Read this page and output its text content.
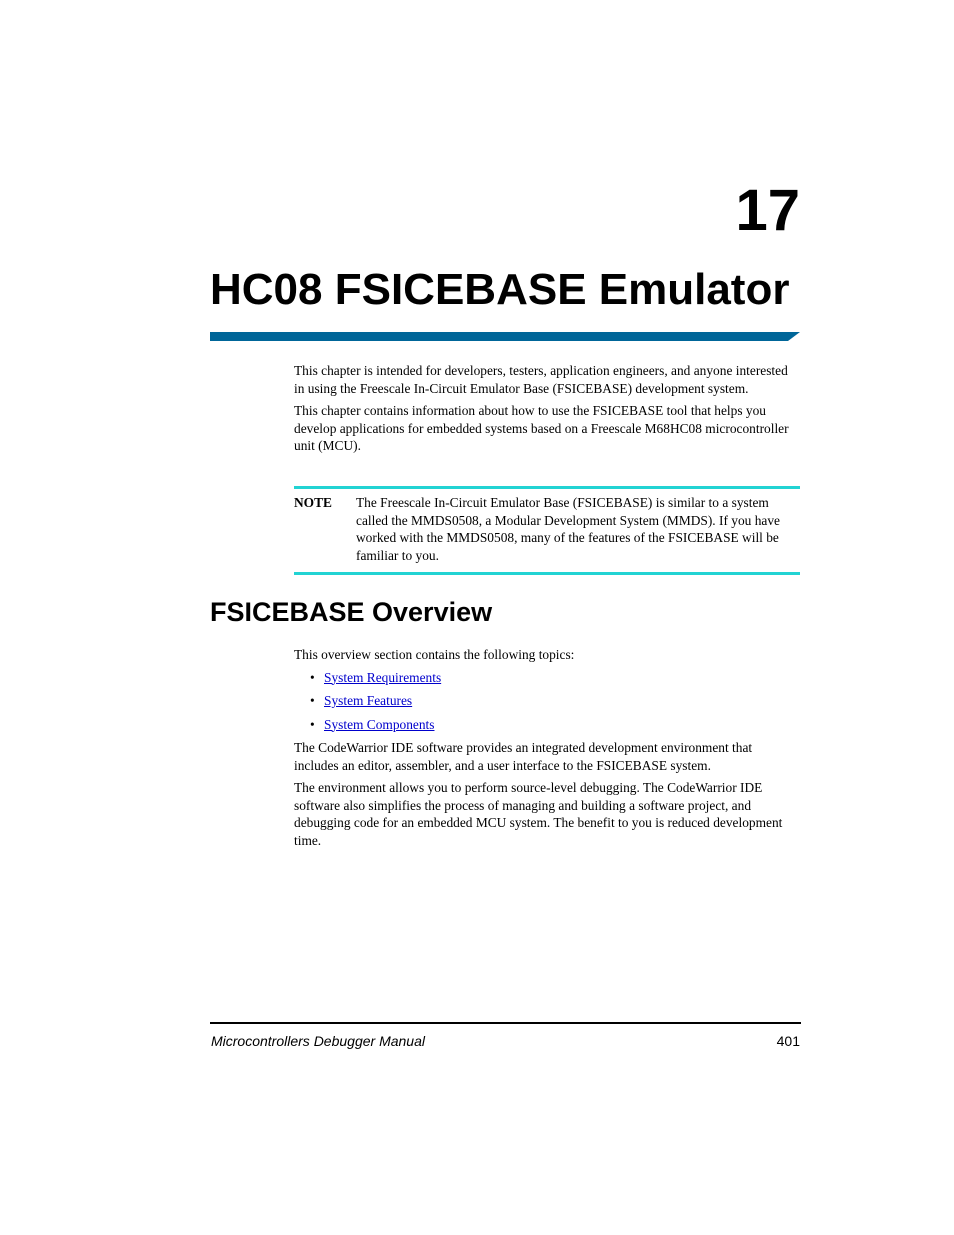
17
HC08 FSICEBASE Emulator

This chapter is intended for developers, testers, application engineers, and anyone interested in using the Freescale In-Circuit Emulator Base (FSICEBASE) development system.

This chapter contains information about how to use the FSICEBASE tool that helps you develop applications for embedded systems based on a Freescale M68HC08 microcontroller unit (MCU).

NOTE	The Freescale In-Circuit Emulator Base (FSICEBASE) is similar to a system called the MMDS0508, a Modular Development System (MMDS). If you have worked with the MMDS0508, many of the features of the FSICEBASE will be familiar to you.
FSICEBASE Overview

This overview section contains the following topics:

• System Requirements
• System Features
• System Components

The CodeWarrior IDE software provides an integrated development environment that includes an editor, assembler, and a user interface to the FSICEBASE system.

The environment allows you to perform source-level debugging. The CodeWarrior IDE software also simplifies the process of managing and building a software project, and debugging code for an embedded MCU system. The benefit to you is reduced development time.

Microcontrollers Debugger Manual	401
